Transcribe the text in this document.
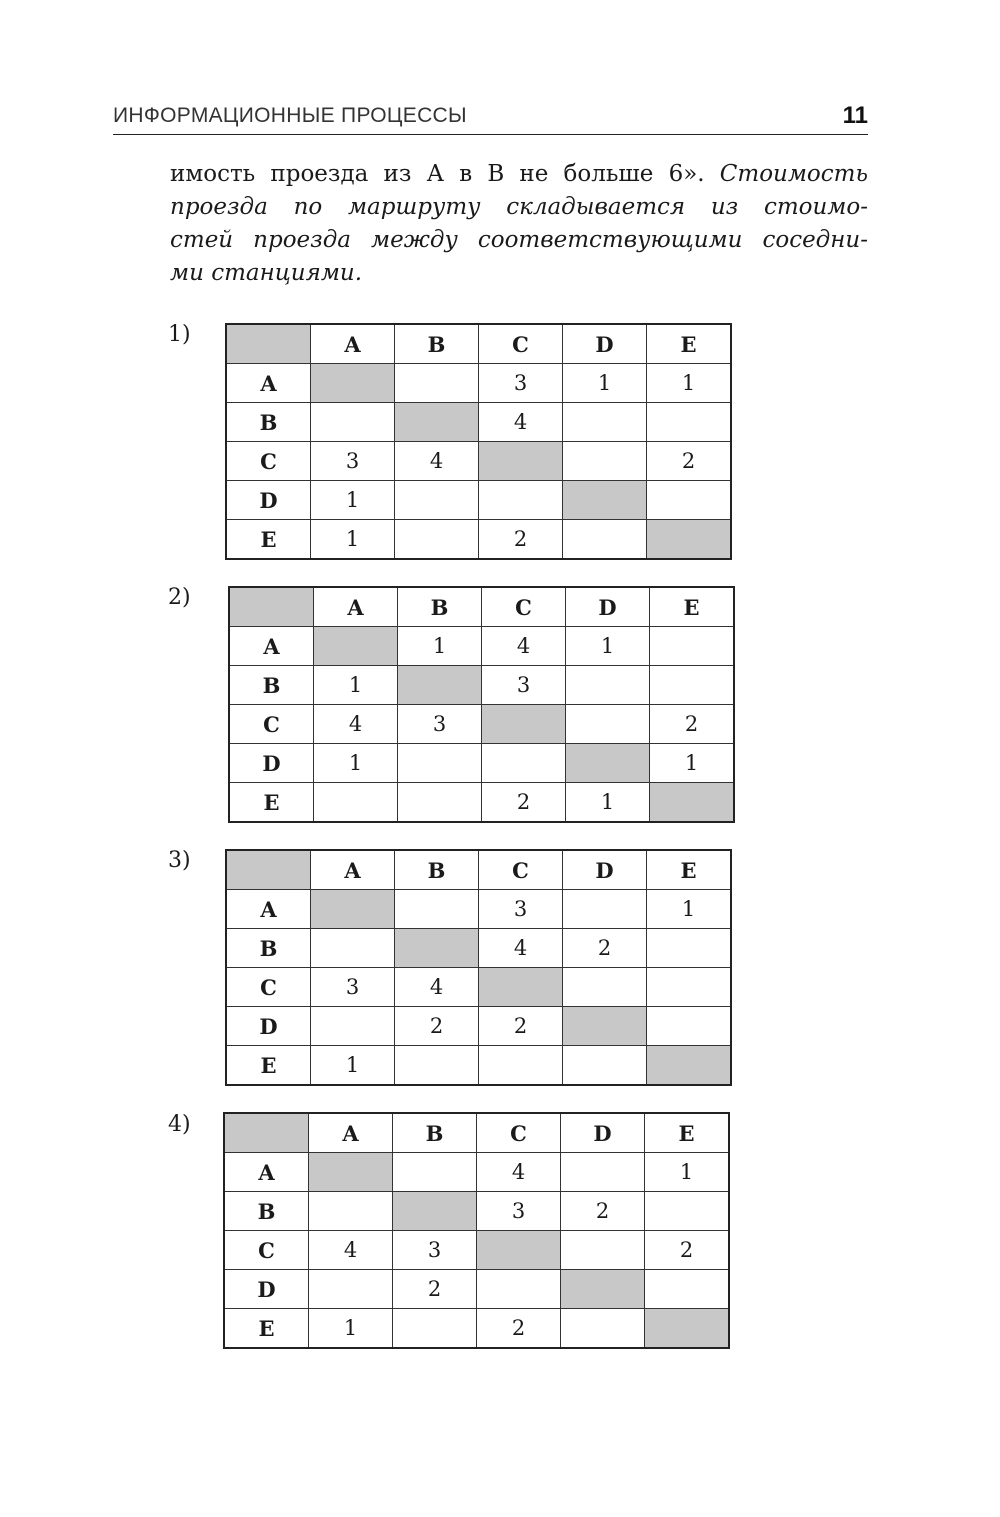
ИНФОРМАЦИОННЫЕ ПРОЦЕССЫ	11
имость проезда из А в В не больше 6». Стоимость
проезда по маршруту складывается из стоимо-
стей проезда между соответствующими соседни-
ми станциями.
1)
		A	B	C	D	E
A			3	1	1
B			4		
C	3	4			2
D	1				
E	1		2		
2)
		A	B	C	D	E
A		1	4	1	
B	1		3		
C	4	3			2
D	1				1
E			2	1	
3)
		A	B	C	D	E
A			3		1
B			4	2	
C	3	4			
D		2	2		
E	1				
4)
		A	B	C	D	E
A			4		1
B			3	2	
C	4	3			2
D		2			
E	1		2		
